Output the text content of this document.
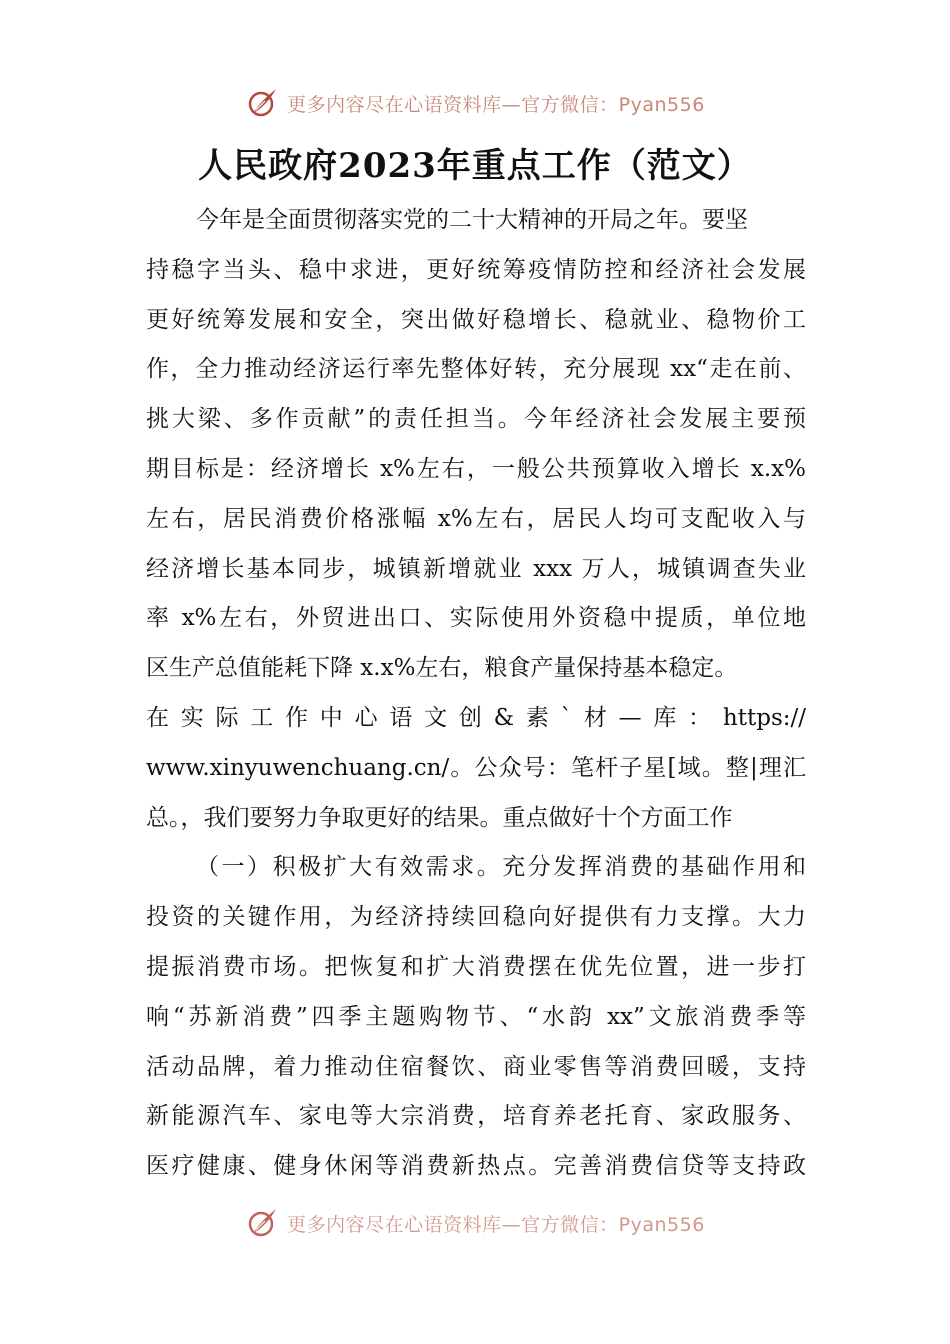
更多内容尽在心语资料库—官方微信：Pyan556
人民政府2023年重点工作（范文）
今年是全面贯彻落实党的二十大精神的开局之年。要坚
持稳字当头、稳中求进，更好统筹疫情防控和经济社会发展
更好统筹发展和安全，突出做好稳增长、稳就业、稳物价工
作，全力推动经济运行率先整体好转，充分展现 xx“走在前、
挑大梁、多作贡献”的责任担当。今年经济社会发展主要预
期目标是：经济增长 x%左右，一般公共预算收入增长 x.x%
左右，居民消费价格涨幅 x%左右，居民人均可支配收入与
经济增长基本同步，城镇新增就业 xxx 万人，城镇调查失业
率 x%左右，外贸进出口、实际使用外资稳中提质，单位地
区生产总值能耗下降 x.x%左右，粮食产量保持基本稳定。
在实际工作中心语文创&素`材—库：https://
www.xinyuwenchuang.cn/。公众号：笔杆子星[域。整|理汇
总。，我们要努力争取更好的结果。重点做好十个方面工作
（一）积极扩大有效需求。充分发挥消费的基础作用和
投资的关键作用，为经济持续回稳向好提供有力支撑。大力
提振消费市场。把恢复和扩大消费摆在优先位置，进一步打
响“苏新消费”四季主题购物节、“水韵 xx”文旅消费季等
活动品牌，着力推动住宿餐饮、商业零售等消费回暖，支持
新能源汽车、家电等大宗消费，培育养老托育、家政服务、
医疗健康、健身休闲等消费新热点。完善消费信贷等支持政
更多内容尽在心语资料库—官方微信：Pyan556
